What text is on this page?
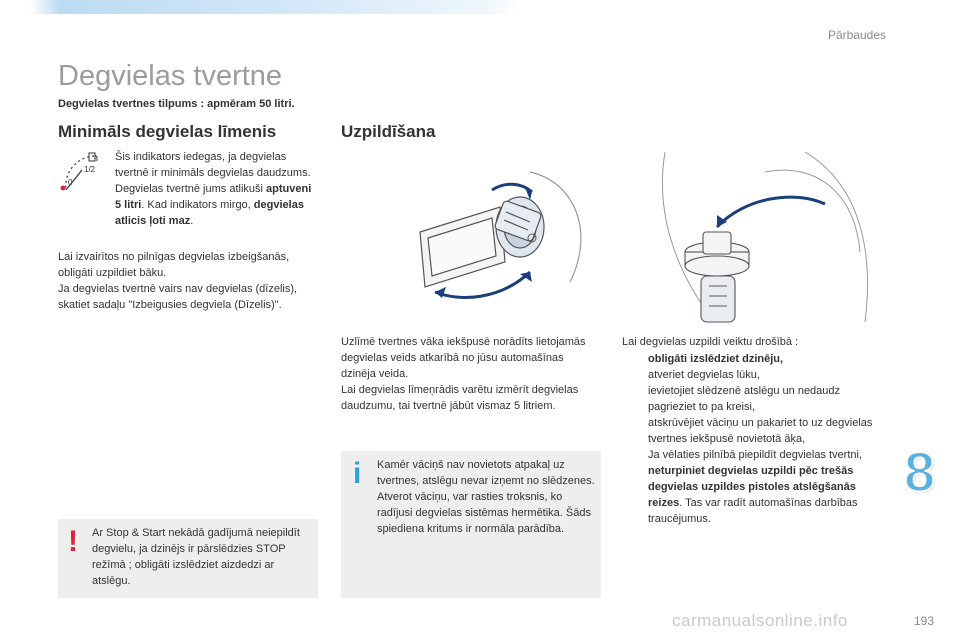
Pārbaudes
Degvielas tvertne
Degvielas tvertnes tilpums : apmēram 50 litri.
Minimāls degvielas līmenis	Uzpildīšana
0
1/2

Šis indikators iedegas, ja degvielas tvertnē ir minimāls degvielas daudzums. Degvielas tvertnē jums atlikuši aptuveni 5 litri. Kad indikators mirgo, degvielas atlicis ļoti maz.

Lai izvairītos no pilnīgas degvielas izbeigšanās, obligāti uzpildiet bāku.
Ja degvielas tvertnē vairs nav degvielas (dīzelis), skatiet sadaļu "Izbeigusies degviela (Dīzelis)".
! Ar Stop & Start nekādā gadījumā neiepildīt degvielu, ja dzinējs ir pārslēdzies STOP režīmā ; obligāti izslēdziet aizdedzi ar atslēgu.
Uzlīmē tvertnes vāka iekšpusē norādīts lietojamās degvielas veids atkarībā no jūsu automašīnas dzinēja veida.
Lai degvielas līmeņrādis varētu izmērīt degvielas daudzumu, tai tvertnē jābūt vismaz 5 litriem.
i Kamēr vāciņš nav novietots atpakaļ uz tvertnes, atslēgu nevar izņemt no slēdzenes.
Atverot vāciņu, var rasties troksnis, ko radījusi degvielas sistēmas hermētika. Šāds spiediena kritums ir normāla parādība.

Lai degvielas uzpildi veiktu drošībā :

obligāti izslēdziet dzinēju,
atveriet degvielas lūku,
ievietojiet slēdzenē atslēgu un nedaudz pagrieziet to pa kreisi,
atskrūvējiet vāciņu un pakariet to uz degvielas tvertnes iekšpusē novietotā āķa,
Ja vēlaties pilnībā piepildīt degvielas tvertni, neturpiniet degvielas uzpildi pēc trešās degvielas uzpildes pistoles atslēgšanās reizes. Tas var radīt automašīnas darbības traucējumus.
8
carmanualsonline.info	193
